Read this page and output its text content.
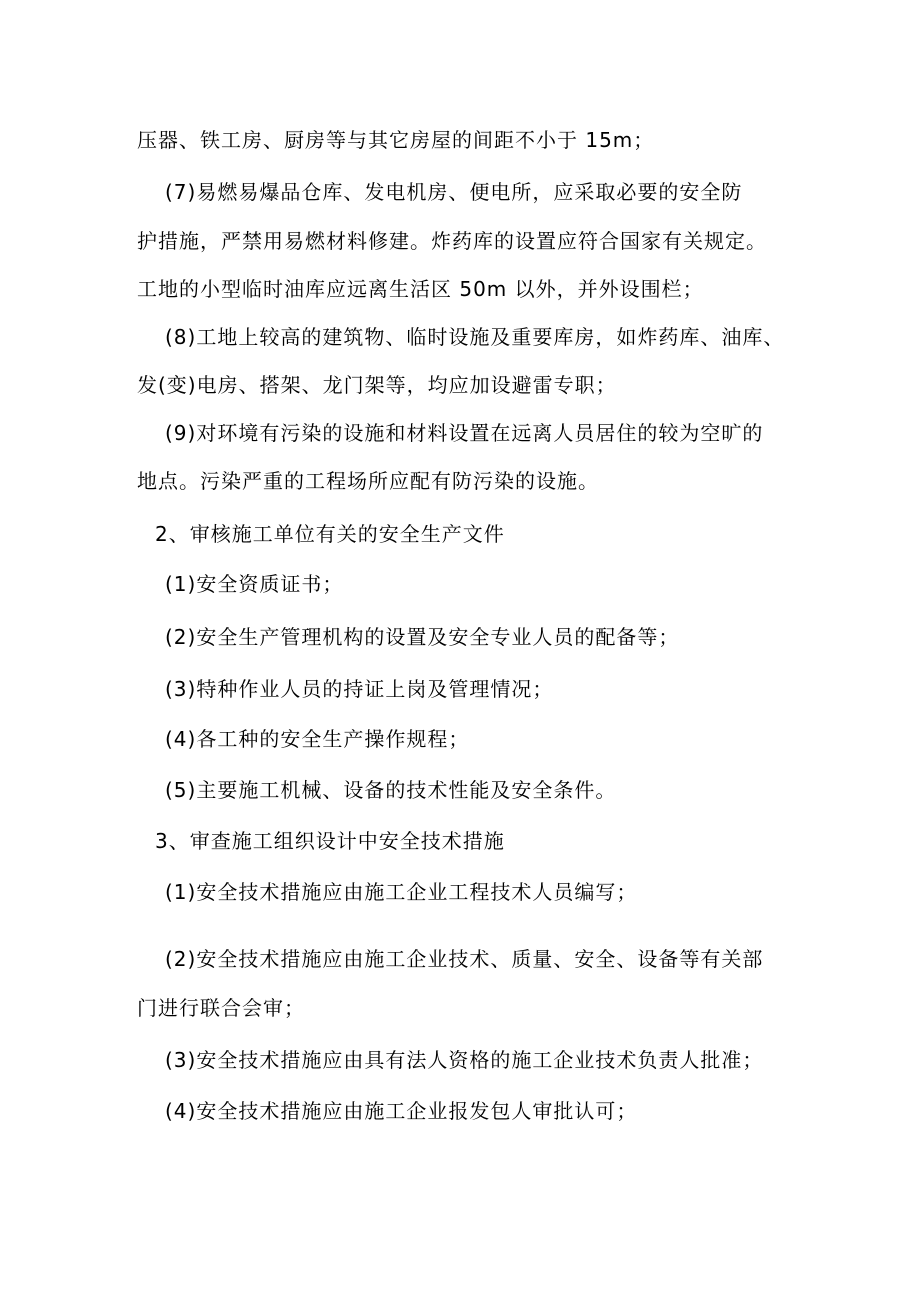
压器、铁工房、厨房等与其它房屋的间距不小于 15m；
(7)易燃易爆品仓库、发电机房、便电所，应采取必要的安全防
护措施，严禁用易燃材料修建。炸药库的设置应符合国家有关规定。
工地的小型临时油库应远离生活区 50m 以外，并外设围栏；
(8)工地上较高的建筑物、临时设施及重要库房，如炸药库、油库、
发(变)电房、搭架、龙门架等，均应加设避雷专职；
(9)对环境有污染的设施和材料设置在远离人员居住的较为空旷的
地点。污染严重的工程场所应配有防污染的设施。
2、审核施工单位有关的安全生产文件
(1)安全资质证书；
(2)安全生产管理机构的设置及安全专业人员的配备等；
(3)特种作业人员的持证上岗及管理情况；
(4)各工种的安全生产操作规程；
(5)主要施工机械、设备的技术性能及安全条件。
3、审查施工组织设计中安全技术措施
(1)安全技术措施应由施工企业工程技术人员编写；
(2)安全技术措施应由施工企业技术、质量、安全、设备等有关部
门进行联合会审；
(3)安全技术措施应由具有法人资格的施工企业技术负责人批准；
(4)安全技术措施应由施工企业报发包人审批认可；
